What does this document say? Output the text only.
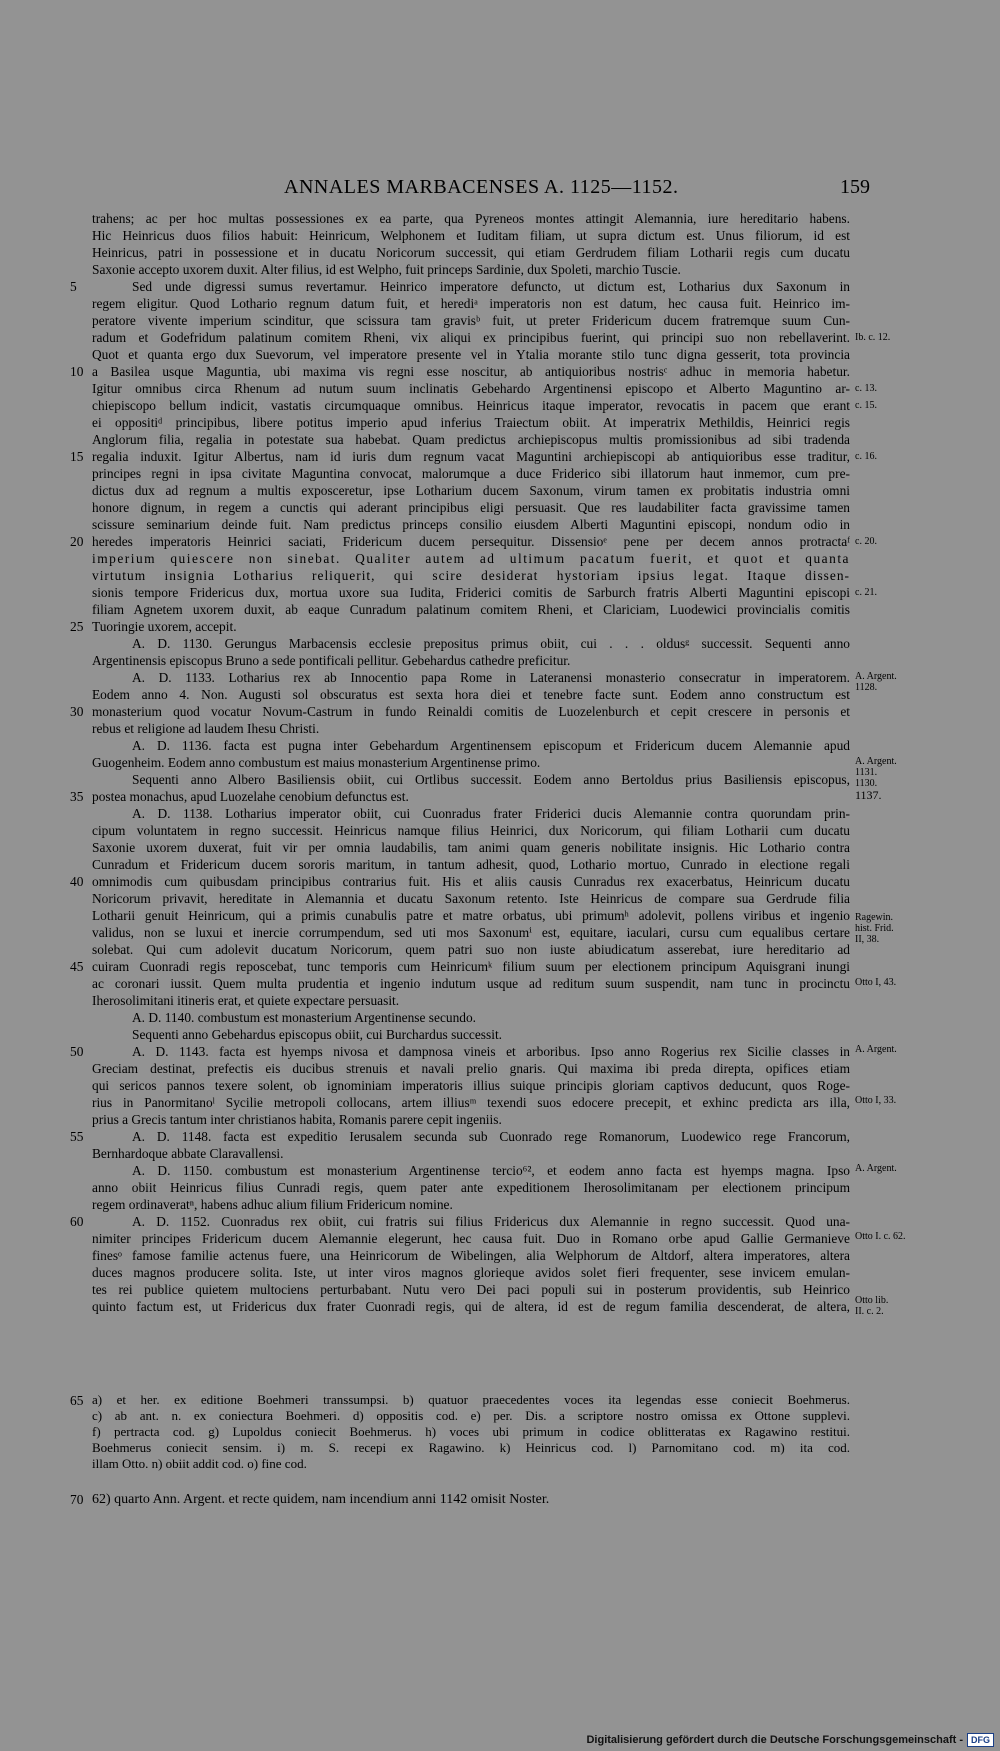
ANNALES MARBACENSES A. 1125—1152.	159
trahens; ac per hoc multas possessiones ex ea parte, qua Pyreneos montes attingit Alemannia, iure hereditario habens.
Hic Heinricus duos filios habuit: Heinricum, Welphonem et Iuditam filiam, ut supra dictum est. Unus filiorum, id est
Heinricus, patri in possessione et in ducatu Noricorum successit, qui etiam Gerdrudem filiam Lotharii regis cum ducatu
Saxonie accepto uxorem duxit. Alter filius, id est Welpho, fuit princeps Sardinie, dux Spoleti, marchio Tuscie.
Sed unde digressi sumus revertamur. Heinrico imperatore defuncto, ut dictum est, Lotharius dux Saxonum in
regem eligitur. Quod Lothario regnum datum fuit, et herediᵃ imperatoris non est datum, hec causa fuit. Heinrico im-
peratore vivente imperium scinditur, que scissura tam gravisᵇ fuit, ut preter Fridericum ducem fratremque suum Cun-
radum et Godefridum palatinum comitem Rheni, vix aliqui ex principibus fuerint, qui principi suo non rebellaverint.
Quot et quanta ergo dux Suevorum, vel imperatore presente vel in Ytalia morante stilo tunc digna gesserit, tota provincia
a Basilea usque Maguntia, ubi maxima vis regni esse noscitur, ab antiquioribus nostrisᶜ adhuc in memoria habetur.
Igitur omnibus circa Rhenum ad nutum suum inclinatis Gebehardo Argentinensi episcopo et Alberto Maguntino ar-
chiepiscopo bellum indicit, vastatis circumquaque omnibus. Heinricus itaque imperator, revocatis in pacem que erant
ei oppositiᵈ principibus, libere potitus imperio apud inferius Traiectum obiit. At imperatrix Methildis, Heinrici regis
Anglorum filia, regalia in potestate sua habebat. Quam predictus archiepiscopus multis promissionibus ad sibi tradenda
regalia induxit. Igitur Albertus, nam id iuris dum regnum vacat Maguntini archiepiscopi ab antiquioribus esse traditur,
principes regni in ipsa civitate Maguntina convocat, malorumque a duce Friderico sibi illatorum haut inmemor, cum pre-
dictus dux ad regnum a multis exposceretur, ipse Lotharium ducem Saxonum, virum tamen ex probitatis industria omni
honore dignum, in regem a cunctis qui aderant principibus eligi persuasit. Que res laudabiliter facta gravissime tamen
scissure seminarium deinde fuit. Nam predictus princeps consilio eiusdem Alberti Maguntini episcopi, nondum odio in
heredes imperatoris Heinrici saciati, Fridericum ducem persequitur. Dissensioᵉ pene per decem annos protractaᶠ
imperium quiescere non sinebat. Qualiter autem ad ultimum pacatum fuerit, et quot et quanta
virtutum insignia Lotharius reliquerit, qui scire desiderat hystoriam ipsius legat. Itaque dissen-
sionis tempore Fridericus dux, mortua uxore sua Iudita, Friderici comitis de Sarburch fratris Alberti Maguntini episcopi
filiam Agnetem uxorem duxit, ab eaque Cunradum palatinum comitem Rheni, et Clariciam, Luodewici provincialis comitis
Tuoringie uxorem, accepit.
A. D. 1130. Gerungus Marbacensis ecclesie prepositus primus obiit, cui . . . oldusᵍ successit. Sequenti anno
Argentinensis episcopus Bruno a sede pontificali pellitur. Gebehardus cathedre preficitur.
A. D. 1133. Lotharius rex ab Innocentio papa Rome in Lateranensi monasterio consecratur in imperatorem.
Eodem anno 4. Non. Augusti sol obscuratus est sexta hora diei et tenebre facte sunt. Eodem anno constructum est
monasterium quod vocatur Novum-Castrum in fundo Reinaldi comitis de Luozelenburch et cepit crescere in personis et
rebus et religione ad laudem Ihesu Christi.
A. D. 1136. facta est pugna inter Gebehardum Argentinensem episcopum et Fridericum ducem Alemannie apud
Guogenheim. Eodem anno combustum est maius monasterium Argentinense primo.
Sequenti anno Albero Basiliensis obiit, cui Ortlibus successit. Eodem anno Bertoldus prius Basiliensis episcopus,
postea monachus, apud Luozelahe cenobium defunctus est.
A. D. 1138. Lotharius imperator obiit, cui Cuonradus frater Friderici ducis Alemannie contra quorundam prin-
cipum voluntatem in regno successit. Heinricus namque filius Heinrici, dux Noricorum, qui filiam Lotharii cum ducatu
Saxonie uxorem duxerat, fuit vir per omnia laudabilis, tam animi quam generis nobilitate insignis. Hic Lothario contra
Cunradum et Fridericum ducem sororis maritum, in tantum adhesit, quod, Lothario mortuo, Cunrado in electione regali
omnimodis cum quibusdam principibus contrarius fuit. His et aliis causis Cunradus rex exacerbatus, Heinricum ducatu
Noricorum privavit, hereditate in Alemannia et ducatu Saxonum retento. Iste Heinricus de compare sua Gerdrude filia
Lotharii genuit Heinricum, qui a primis cunabulis patre et matre orbatus, ubi primumʰ adolevit, pollens viribus et ingenio
validus, non se luxui et inercie corrumpendum, sed uti mos Saxonumⁱ est, equitare, iaculari, cursu cum equalibus certare
solebat. Qui cum adolevit ducatum Noricorum, quem patri suo non iuste abiudicatum asserebat, iure hereditario ad
cuiram Cuonradi regis reposcebat, tunc temporis cum Heinricumᵏ filium suum per electionem principum Aquisgrani inungi
ac coronari iussit. Quem multa prudentia et ingenio indutum usque ad reditum suum suspendit, nam tunc in procinctu
Iherosolimitani itineris erat, et quiete expectare persuasit.
A. D. 1140. combustum est monasterium Argentinense secundo.
Sequenti anno Gebehardus episcopus obiit, cui Burchardus successit.
A. D. 1143. facta est hyemps nivosa et dampnosa vineis et arboribus. Ipso anno Rogerius rex Sicilie classes in
Greciam destinat, prefectis eis ducibus strenuis et navali prelio gnaris. Qui maxima ibi preda direpta, opifices etiam
qui sericos pannos texere solent, ob ignominiam imperatoris illius suique principis gloriam captivos deducunt, quos Roge-
rius in Panormitanoˡ Sycilie metropoli collocans, artem illiusᵐ texendi suos edocere precepit, et exhinc predicta ars illa,
prius a Grecis tantum inter christianos habita, Romanis parere cepit ingeniis.
A. D. 1148. facta est expeditio Ierusalem secunda sub Cuonrado rege Romanorum, Luodewico rege Francorum,
Bernhardoque abbate Claravallensi.
A. D. 1150. combustum est monasterium Argentinense tercio⁶², et eodem anno facta est hyemps magna. Ipso
anno obiit Heinricus filius Cunradi regis, quem pater ante expeditionem Iherosolimitanam per electionem principum
regem ordinaveratⁿ, habens adhuc alium filium Fridericum nomine.
A. D. 1152. Cuonradus rex obiit, cui fratris sui filius Fridericus dux Alemannie in regno successit. Quod una-
nimiter principes Fridericum ducem Alemannie elegerunt, hec causa fuit. Duo in Romano orbe apud Gallie Germanieve
finesᵒ famose familie actenus fuere, una Heinricorum de Wibelingen, alia Welphorum de Altdorf, altera imperatores, altera
duces magnos producere solita. Iste, ut inter viros magnos glorieque avidos solet fieri frequenter, sese invicem emulan-
tes rei publice quietem multociens perturbabant. Nutu vero Dei paci populi sui in posterum providentis, sub Heinrico
quinto factum est, ut Fridericus dux frater Cuonradi regis, qui de altera, id est de regum familia descenderat, de altera,
5
10
15
20
25
30
35
40
45
50
55
60
Ib. c. 12.
c. 13.
c. 15.
c. 16.
c. 20.
c. 21.
A. Argent. 1128.
A. Argent. 1131. 1130.
1137.
Ragewin. hist. Frid. II, 38.
Otto I, 43.
A. Argent.
Otto I, 33.
A. Argent.
Otto I. c. 62.
Otto lib. II. c. 2.
65 a) et her. ex editione Boehmeri transsumpsi. b) quatuor praecedentes voces ita legendas esse coniecit Boehmerus.
c) ab ant. n. ex coniectura Boehmeri. d) oppositis cod. e) per. Dis. a scriptore nostro omissa ex Ottone supplevi.
f) pertracta cod. g) Lupoldus coniecit Boehmerus. h) voces ubi primum in codice oblitteratas ex Ragawino restitui.
Boehmerus coniecit sensim. i) m. S. recepi ex Ragawino. k) Heinricus cod. l) Parnomitano cod. m) ita cod.
illam Otto. n) obiit addit cod. o) fine cod.
70 62) quarto Ann. Argent. et recte quidem, nam incendium anni 1142 omisit Noster.
Digitalisierung gefördert durch die Deutsche Forschungsgemeinschaft - DFG
